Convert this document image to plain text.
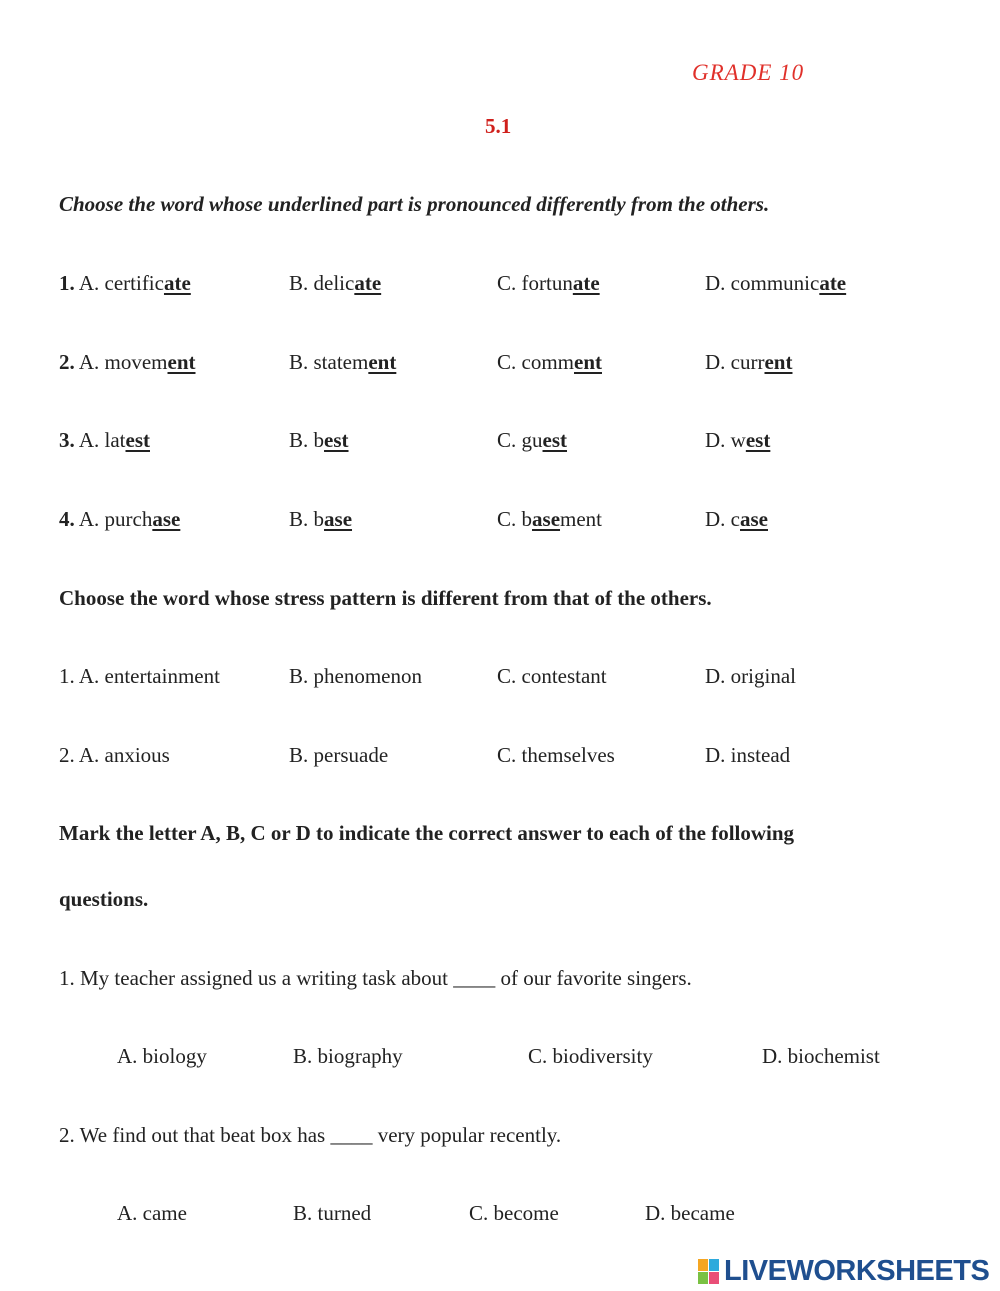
GRADE 10
5.1
Choose the word whose underlined part is pronounced differently from the others.
1. A. certificate	B. delicate	C. fortunate	D. communicate
2. A. movement	B. statement	C. comment	D. current
3. A. latest	B. best	C. guest	D. west
4. A. purchase	B. base	C. basement	D. case
Choose the word whose stress pattern is different from that of the others.
1. A. entertainment	B. phenomenon	C. contestant	D. original
2. A. anxious	B. persuade	C. themselves	D. instead
Mark the letter A, B, C or D to indicate the correct answer to each of the following
questions.
1. My teacher assigned us a writing task about ____ of our favorite singers.
A. biology	B. biography	C. biodiversity	D. biochemist
2. We find out that beat box has ____ very popular recently.
A. came	B. turned	C. become	D. became
LIVEWORKSHEETS
